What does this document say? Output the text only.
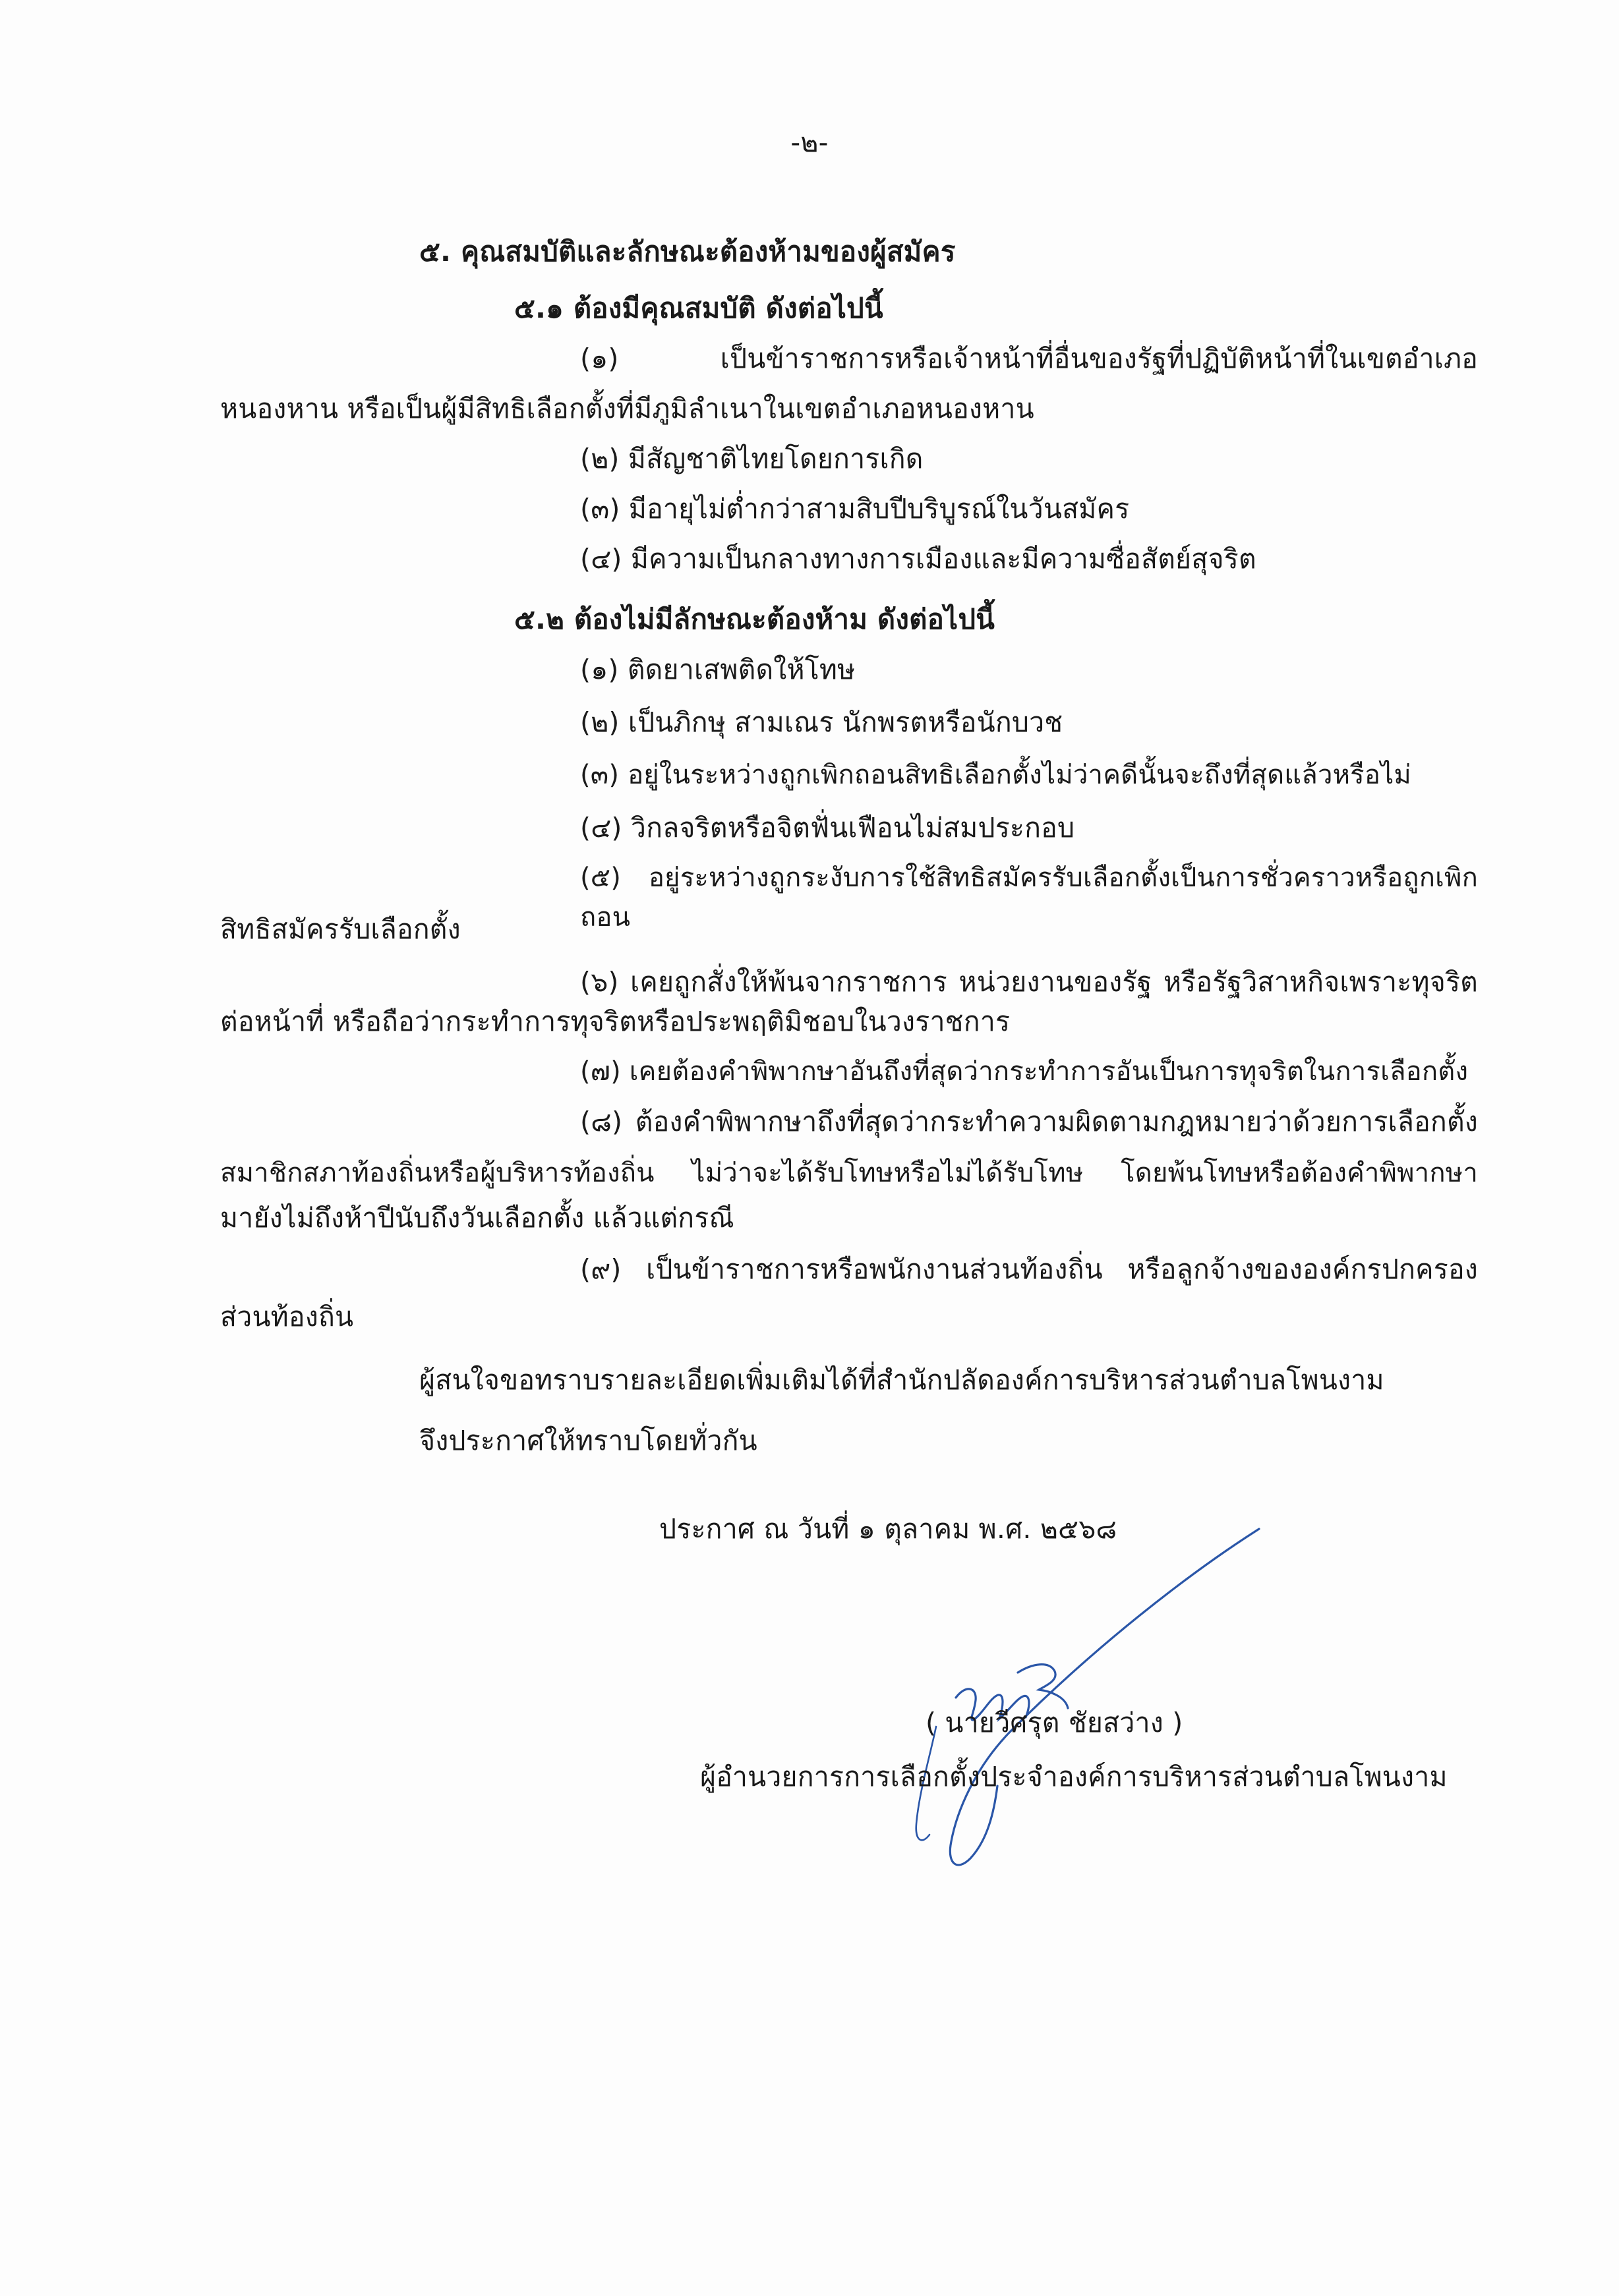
-๒-
๕. คุณสมบัติและลักษณะต้องห้ามของผู้สมัคร
๕.๑ ต้องมีคุณสมบัติ ดังต่อไปนี้
(๑) เป็นข้าราชการหรือเจ้าหน้าที่อื่นของรัฐที่ปฏิบัติหน้าที่ในเขตอำเภอ
หนองหาน หรือเป็นผู้มีสิทธิเลือกตั้งที่มีภูมิลำเนาในเขตอำเภอหนองหาน
(๒) มีสัญชาติไทยโดยการเกิด
(๓) มีอายุไม่ต่ำกว่าสามสิบปีบริบูรณ์ในวันสมัคร
(๔) มีความเป็นกลางทางการเมืองและมีความซื่อสัตย์สุจริต
๕.๒ ต้องไม่มีลักษณะต้องห้าม ดังต่อไปนี้
(๑) ติดยาเสพติดให้โทษ
(๒) เป็นภิกษุ สามเณร นักพรตหรือนักบวช
(๓) อยู่ในระหว่างถูกเพิกถอนสิทธิเลือกตั้งไม่ว่าคดีนั้นจะถึงที่สุดแล้วหรือไม่
(๔) วิกลจริตหรือจิตฟั่นเฟือนไม่สมประกอบ
(๕) อยู่ระหว่างถูกระงับการใช้สิทธิสมัครรับเลือกตั้งเป็นการชั่วคราวหรือถูกเพิกถอน
สิทธิสมัครรับเลือกตั้ง
(๖) เคยถูกสั่งให้พ้นจากราชการ หน่วยงานของรัฐ หรือรัฐวิสาหกิจเพราะทุจริต
ต่อหน้าที่ หรือถือว่ากระทำการทุจริตหรือประพฤติมิชอบในวงราชการ
(๗) เคยต้องคำพิพากษาอันถึงที่สุดว่ากระทำการอันเป็นการทุจริตในการเลือกตั้ง
(๘) ต้องคำพิพากษาถึงที่สุดว่ากระทำความผิดตามกฎหมายว่าด้วยการเลือกตั้ง
สมาชิกสภาท้องถิ่นหรือผู้บริหารท้องถิ่น ไม่ว่าจะได้รับโทษหรือไม่ได้รับโทษ โดยพ้นโทษหรือต้องคำพิพากษา
มายังไม่ถึงห้าปีนับถึงวันเลือกตั้ง แล้วแต่กรณี
(๙) เป็นข้าราชการหรือพนักงานส่วนท้องถิ่น หรือลูกจ้างขององค์กรปกครอง
ส่วนท้องถิ่น
ผู้สนใจขอทราบรายละเอียดเพิ่มเติมได้ที่สำนักปลัดองค์การบริหารส่วนตำบลโพนงาม
จึงประกาศให้ทราบโดยทั่วกัน
ประกาศ ณ วันที่ ๑ ตุลาคม พ.ศ. ๒๕๖๘
( นายวีศรุต ชัยสว่าง )
ผู้อำนวยการการเลือกตั้งประจำองค์การบริหารส่วนตำบลโพนงาม
